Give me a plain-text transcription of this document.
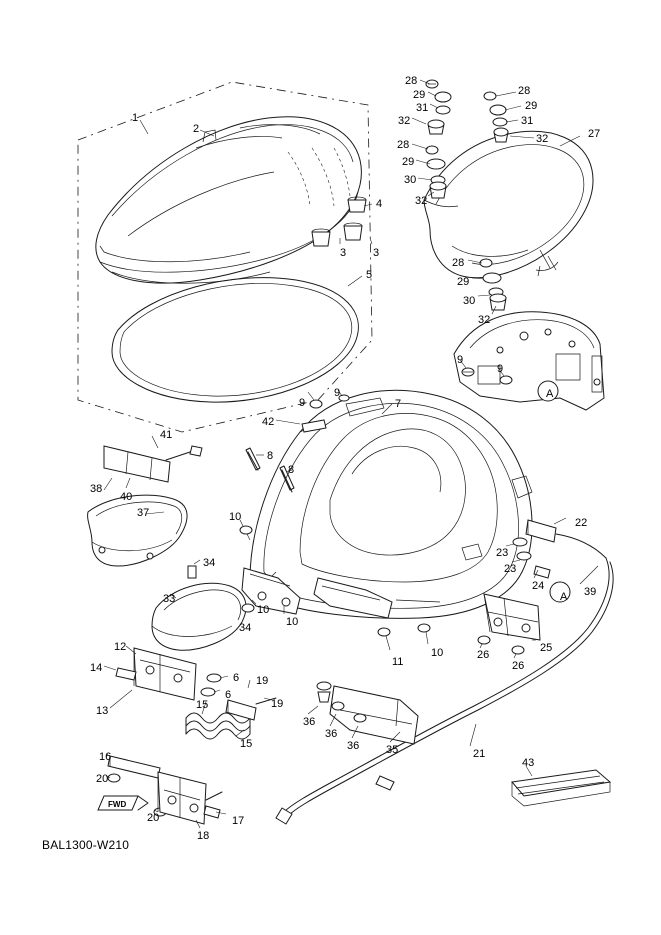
1
2
4
3 3
5
28
29
31
32
28
29
31
32	27
28
29
30
32
28
29
30
32
9
9
A
9
7
9
42
41
8
8
38
40
37	10	22
23
23
34
24	39
A
33
10
34	10
25
26
26
11
10
12
14
6 19
6
15
13
19
15
36
36
36 35	21
43
16
20
20	17
18
FWD
BAL1300-W210
